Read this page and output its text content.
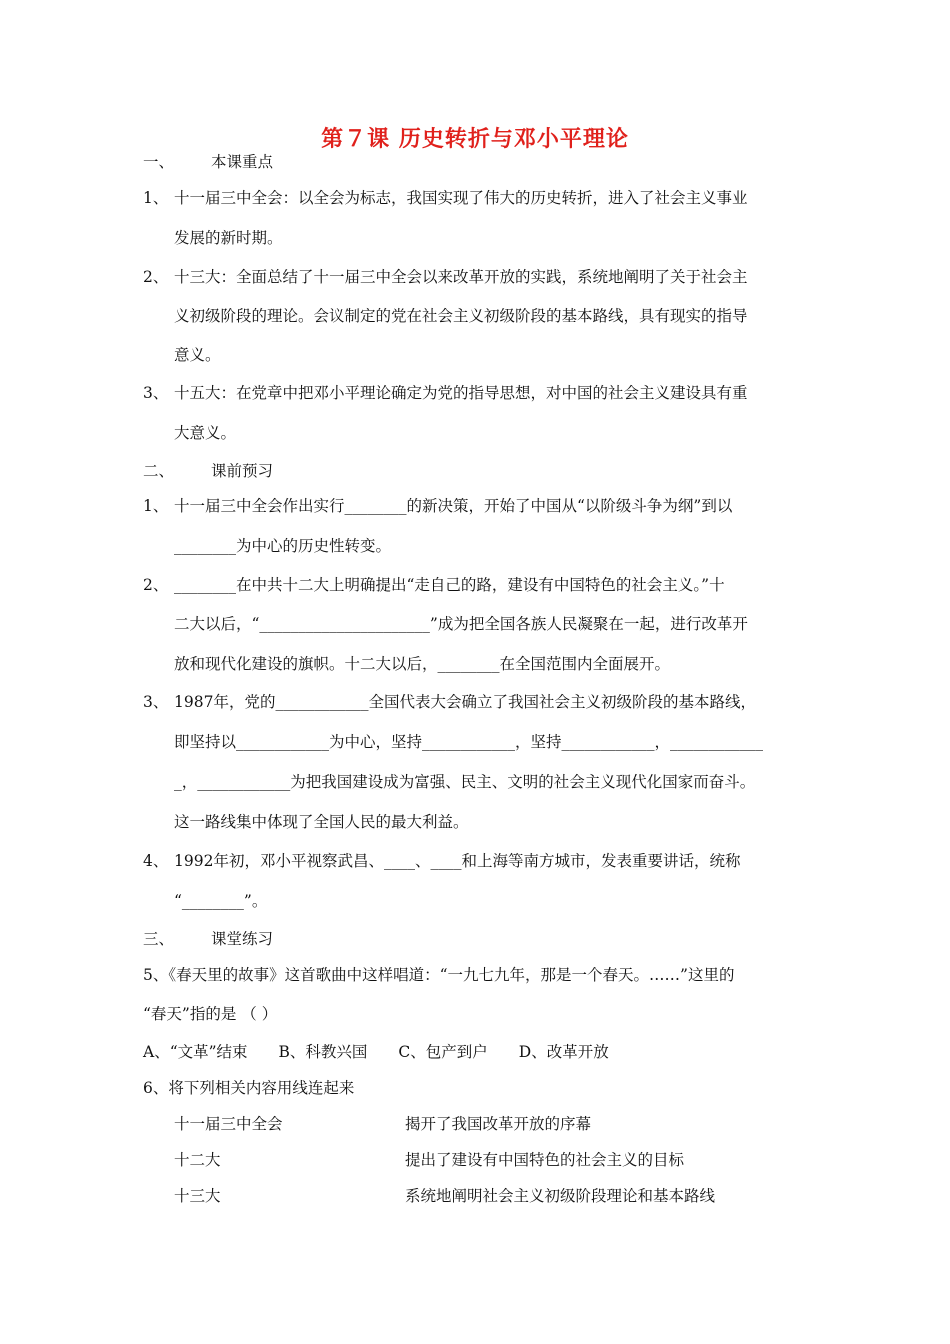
第７课 历史转折与邓小平理论
一、 本课重点
1、 十一届三中全会：以全会为标志，我国实现了伟大的历史转折，进入了社会主义事业
发展的新时期。
2、 十三大：全面总结了十一届三中全会以来改革开放的实践，系统地阐明了关于社会主
义初级阶段的理论。会议制定的党在社会主义初级阶段的基本路线，具有现实的指导
意义。
3、 十五大：在党章中把邓小平理论确定为党的指导思想，对中国的社会主义建设具有重
大意义。
二、 课前预习
1、 十一届三中全会作出实行________的新决策，开始了中国从“以阶级斗争为纲”到以
________为中心的历史性转变。
2、 ________在中共十二大上明确提出“走自己的路，建设有中国特色的社会主义。”十
二大以后，“______________________”成为把全国各族人民凝聚在一起，进行改革开
放和现代化建设的旗帜。十二大以后，________在全国范围内全面展开。
3、 1987年，党的____________全国代表大会确立了我国社会主义初级阶段的基本路线，
即坚持以____________为中心，坚持____________，坚持____________，____________
_，____________为把我国建设成为富强、民主、文明的社会主义现代化国家而奋斗。
这一路线集中体现了全国人民的最大利益。
4、 1992年初，邓小平视察武昌、____、____和上海等南方城市，发表重要讲话，统称
“________”。
三、 课堂练习
5、《春天里的故事》这首歌曲中这样唱道：“一九七九年，那是一个春天。……”这里的
“春天”指的是 （ ）
A、“文革”结束　　B、科教兴国　　C、包产到户　　D、改革开放
6、将下列相关内容用线连起来
十一届三中全会	揭开了我国改革开放的序幕
十二大	提出了建设有中国特色的社会主义的目标
十三大	系统地阐明社会主义初级阶段理论和基本路线
